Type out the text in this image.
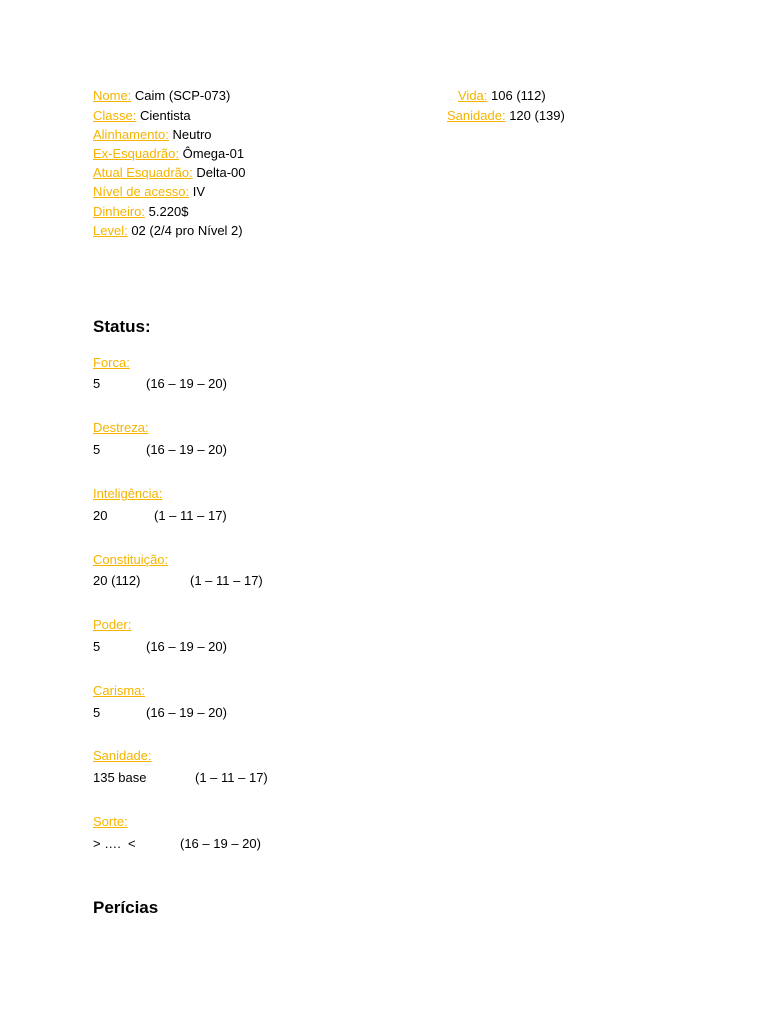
Nome: Caim (SCP-073)
Classe: Cientista
Alinhamento: Neutro
Ex-Esquadrão: Ômega-01
Atual Esquadrão: Delta-00
Nível de acesso: IV
Dinheiro: 5.220$
Level: 02 (2/4 pro Nível 2)
Vida: 106 (112)
Sanidade: 120 (139)
Status:
Forca:
5	(16 – 19 – 20)
Destreza:
5	(16 – 19 – 20)
Inteligência:
20	(1 – 11 – 17)
Constituição:
20 (112)	(1 – 11 – 17)
Poder:
5	(16 – 19 – 20)
Carisma:
5	(16 – 19 – 20)
Sanidade:
135 base	(1 – 11 – 17)
Sorte:
> ….  <	(16 – 19 – 20)
Perícias
